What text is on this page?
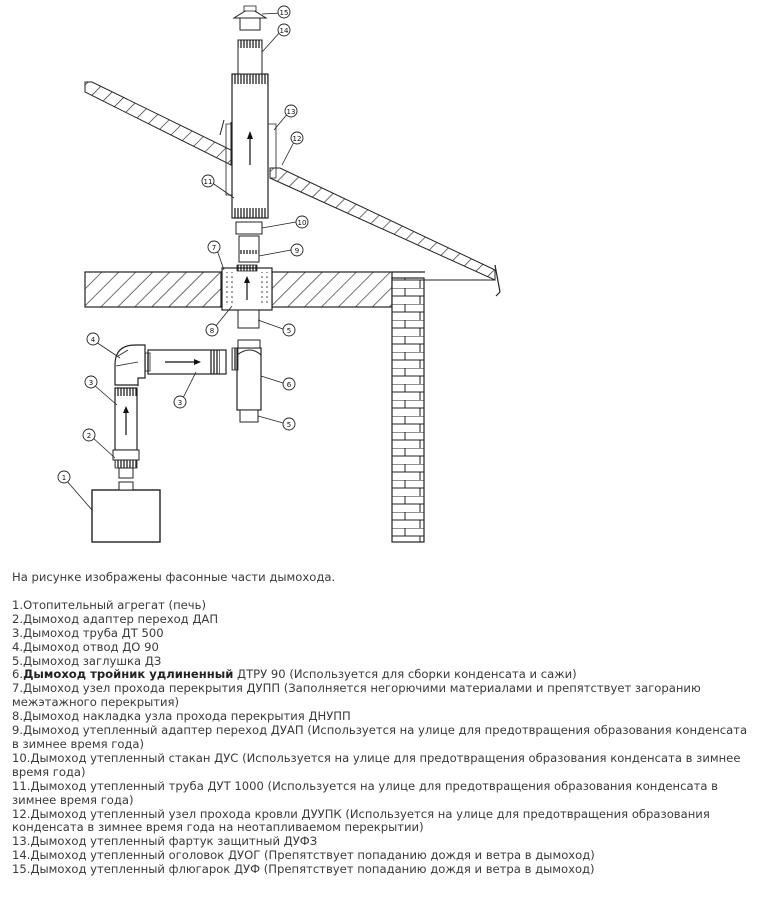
1
2
3
4
3
5
6
5
8
7	9
10
11
12
13
14
15

На рисунке изображены фасонные части дымохода.

1.Отопительный агрегат (печь)

2.Дымоход адаптер переход ДАП

3.Дымоход труба ДТ 500

4.Дымоход отвод ДО 90

5.Дымоход заглушка ДЗ

6.Дымоход тройник удлиненный ДТРУ 90 (Используется для сборки конденсата и сажи)

7.Дымоход узел прохода перекрытия ДУПП (Заполняется негорючими материалами и препятствует загоранию межэтажного перекрытия)

8.Дымоход накладка узла прохода перекрытия ДНУПП

9.Дымоход утепленный адаптер переход ДУАП (Используется на улице для предотвращения образования конденсата в зимнее время года)

10.Дымоход утепленный стакан ДУС (Используется на улице для предотвращения образования конденсата в зимнее время года)

11.Дымоход утепленный труба ДУТ 1000 (Используется на улице для предотвращения образования конденсата в зимнее время года)

12.Дымоход утепленный узел прохода кровли ДУУПК (Используется на улице для предотвращения образования конденсата в зимнее время года на неотапливаемом перекрытии)

13.Дымоход утепленный фартук защитный ДУФЗ

14.Дымоход утепленный оголовок ДУОГ (Препятствует попаданию дождя и ветра в дымоход)

15.Дымоход утепленный флюгарок ДУФ (Препятствует попаданию дождя и ветра в дымоход)
